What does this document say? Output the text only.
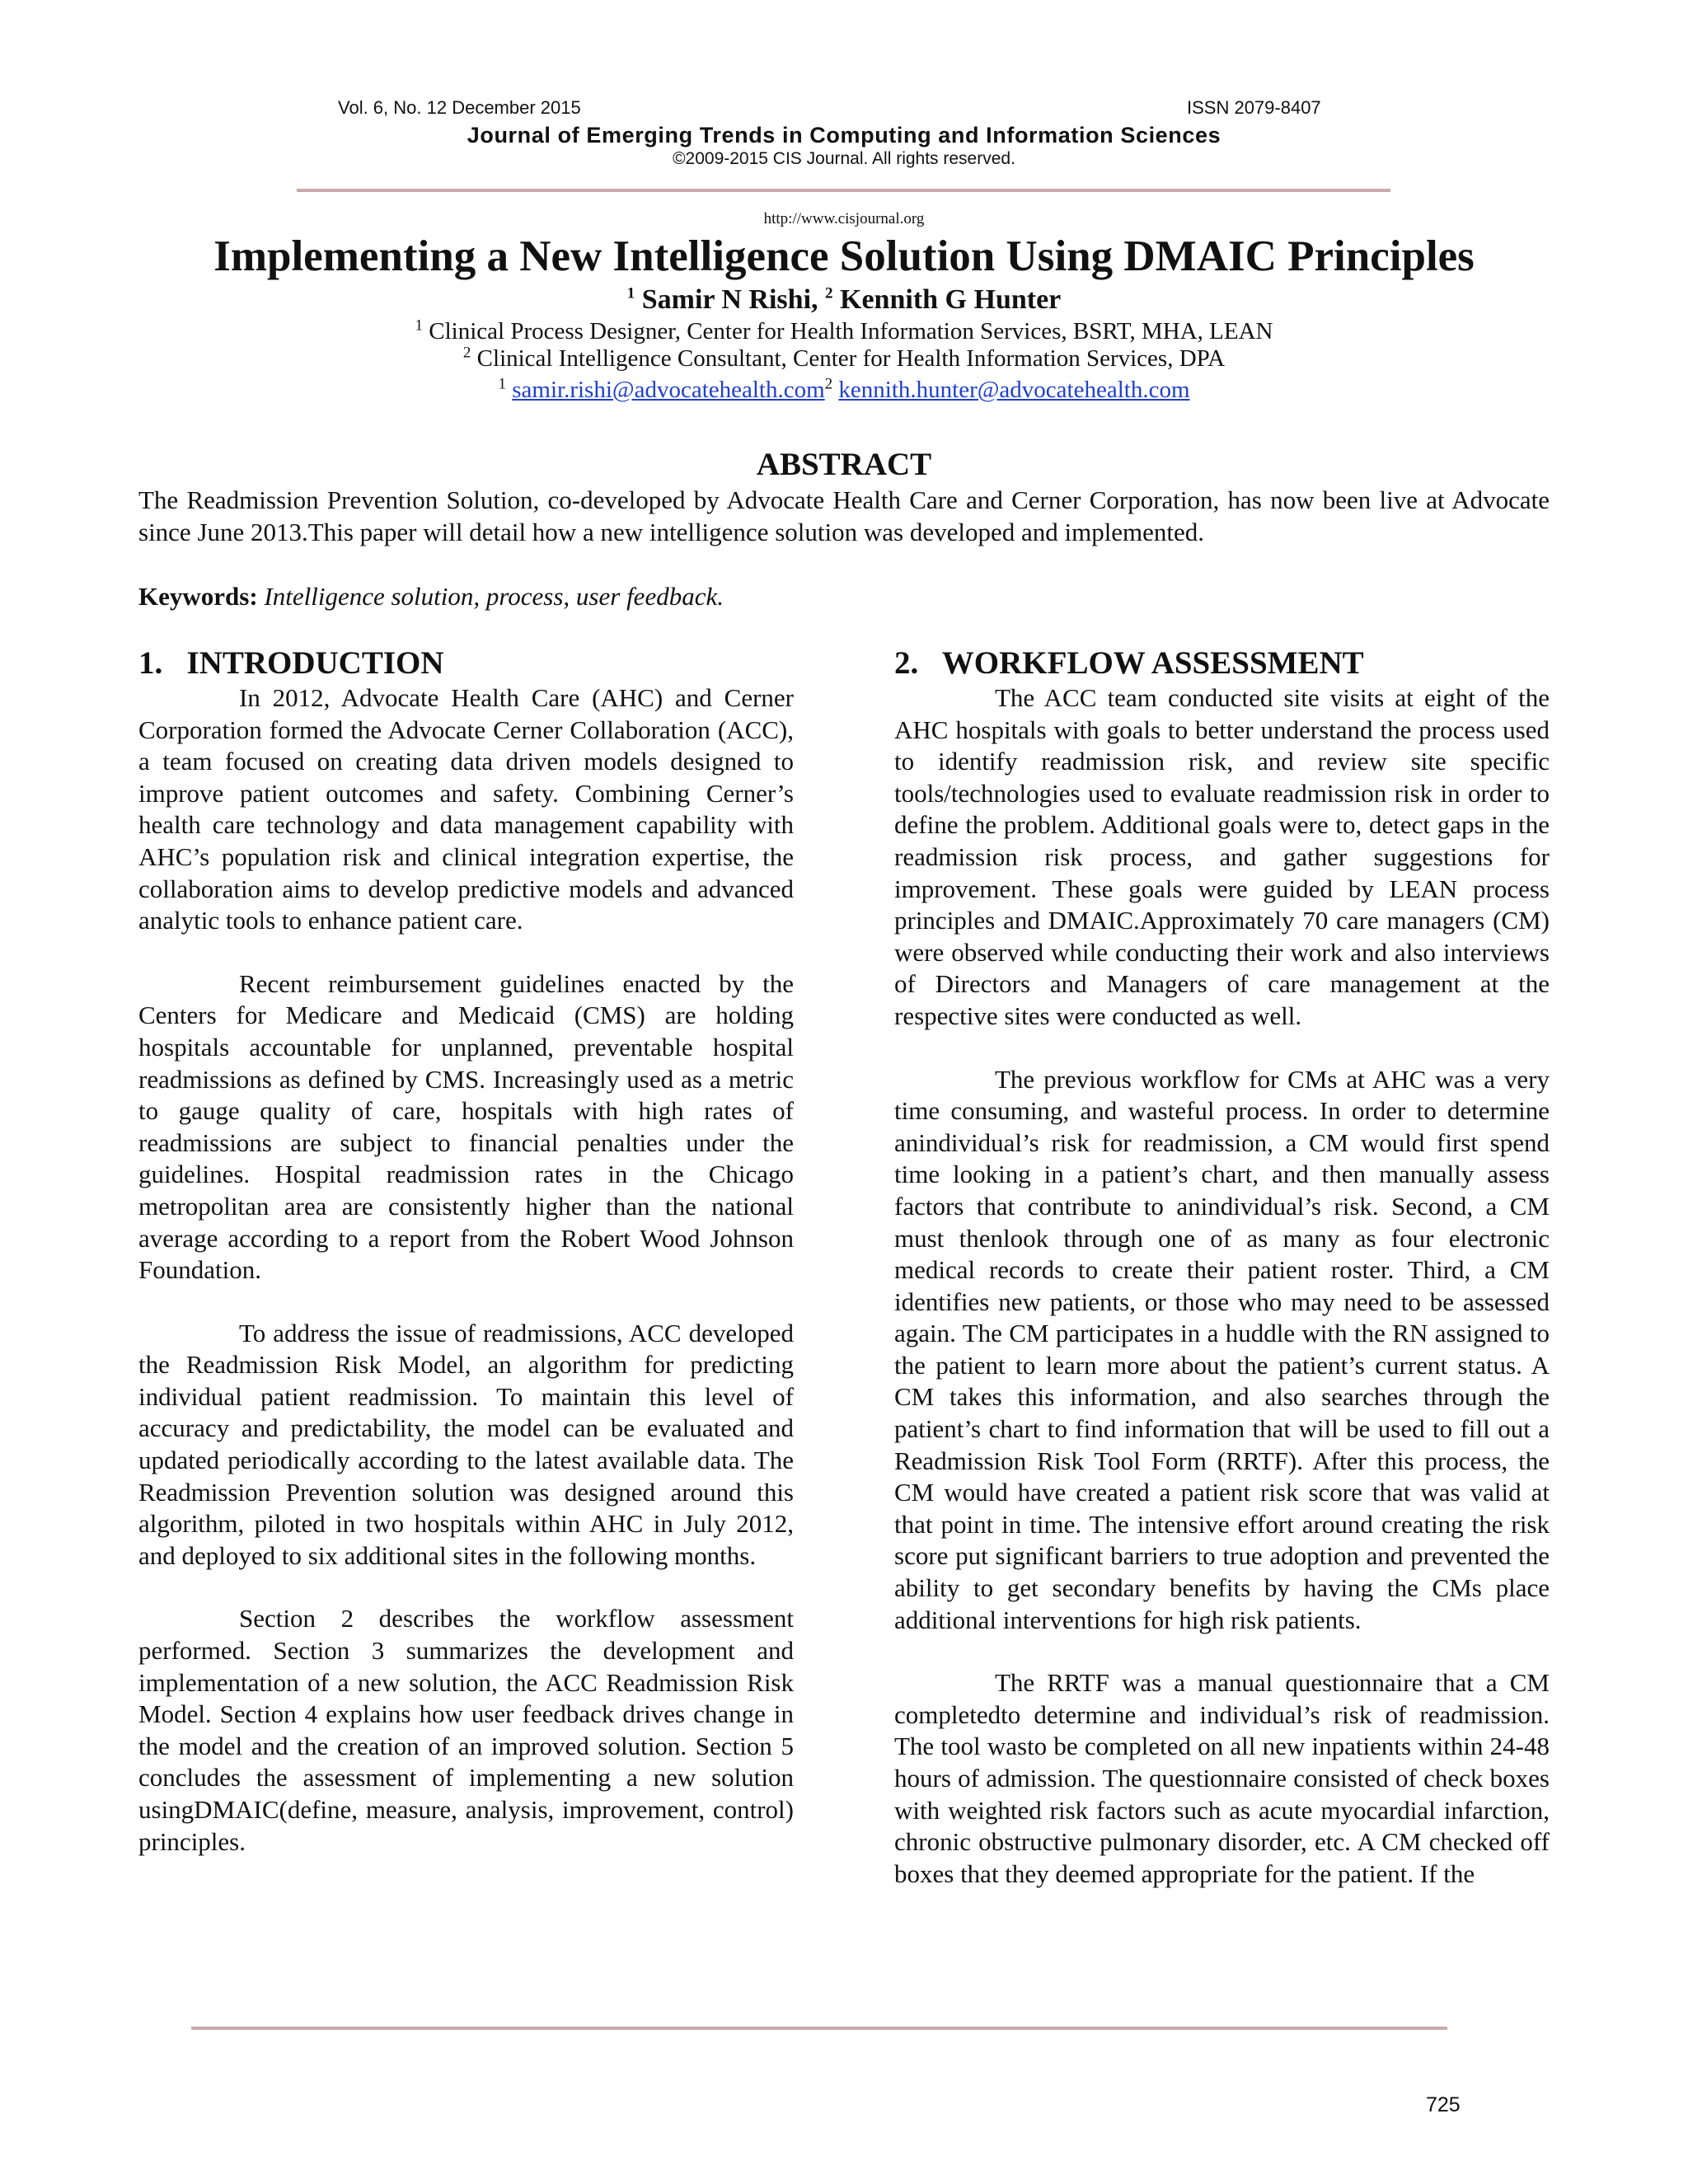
Vol. 6, No. 12 December 2015	ISSN 2079-8407
Journal of Emerging Trends in Computing and Information Sciences
©2009-2015 CIS Journal. All rights reserved.
http://www.cisjournal.org
Implementing a New Intelligence Solution Using DMAIC Principles
$^1$ Samir N Rishi, $^2$ Kennith G Hunter
$^1$ Clinical Process Designer, Center for Health Information Services, BSRT, MHA, LEAN
$^2$ Clinical Intelligence Consultant, Center for Health Information Services, DPA
$^1$ samir.rishi@advocatehealth.com$^2$ kennith.hunter@advocatehealth.com
ABSTRACT

The Readmission Prevention Solution, co-developed by Advocate Health Care and Cerner Corporation, has now been live at Advocate since June 2013.This paper will detail how a new intelligence solution was developed and implemented.

Keywords: Intelligence solution, process, user feedback.
1.   INTRODUCTION

In 2012, Advocate Health Care (AHC) and Cerner Corporation formed the Advocate Cerner Collaboration (ACC), a team focused on creating data driven models designed to improve patient outcomes and safety. Combining Cerner’s health care technology and data management capability with AHC’s population risk and clinical integration expertise, the collaboration aims to develop predictive models and advanced analytic tools to enhance patient care.

Recent reimbursement guidelines enacted by the Centers for Medicare and Medicaid (CMS) are holding hospitals accountable for unplanned, preventable hospital readmissions as defined by CMS. Increasingly used as a metric to gauge quality of care, hospitals with high rates of readmissions are subject to financial penalties under the guidelines. Hospital readmission rates in the Chicago metropolitan area are consistently higher than the national average according to a report from the Robert Wood Johnson Foundation.

To address the issue of readmissions, ACC developed the Readmission Risk Model, an algorithm for predicting individual patient readmission. To maintain this level of accuracy and predictability, the model can be evaluated and updated periodically according to the latest available data. The Readmission Prevention solution was designed around this algorithm, piloted in two hospitals within AHC in July 2012, and deployed to six additional sites in the following months.

Section 2 describes the workflow assessment performed. Section 3 summarizes the development and implementation of a new solution, the ACC Readmission Risk Model. Section 4 explains how user feedback drives change in the model and the creation of an improved solution. Section 5 concludes the assessment of implementing a new solution usingDMAIC(define, measure, analysis, improvement, control) principles.

2.   WORKFLOW ASSESSMENT

The ACC team conducted site visits at eight of the AHC hospitals with goals to better understand the process used to identify readmission risk, and review site specific tools/technologies used to evaluate readmission risk in order to define the problem. Additional goals were to, detect gaps in the readmission risk process, and gather suggestions for improvement. These goals were guided by LEAN process principles and DMAIC.Approximately 70 care managers (CM) were observed while conducting their work and also interviews of Directors and Managers of care management at the respective sites were conducted as well.

The previous workflow for CMs at AHC was a very time consuming, and wasteful process. In order to determine anindividual’s risk for readmission, a CM would first spend time looking in a patient’s chart, and then manually assess factors that contribute to anindividual’s risk. Second, a CM must thenlook through one of as many as four electronic medical records to create their patient roster. Third, a CM identifies new patients, or those who may need to be assessed again. The CM participates in a huddle with the RN assigned to the patient to learn more about the patient’s current status. A CM takes this information, and also searches through the patient’s chart to find information that will be used to fill out a Readmission Risk Tool Form (RRTF). After this process, the CM would have created a patient risk score that was valid at that point in time. The intensive effort around creating the risk score put significant barriers to true adoption and prevented the ability to get secondary benefits by having the CMs place additional interventions for high risk patients.

The RRTF was a manual questionnaire that a CM completedto determine and individual’s risk of readmission. The tool wasto be completed on all new inpatients within 24-48 hours of admission. The questionnaire consisted of check boxes with weighted risk factors such as acute myocardial infarction, chronic obstructive pulmonary disorder, etc. A CM checked off boxes that they deemed appropriate for the patient. If the

725
